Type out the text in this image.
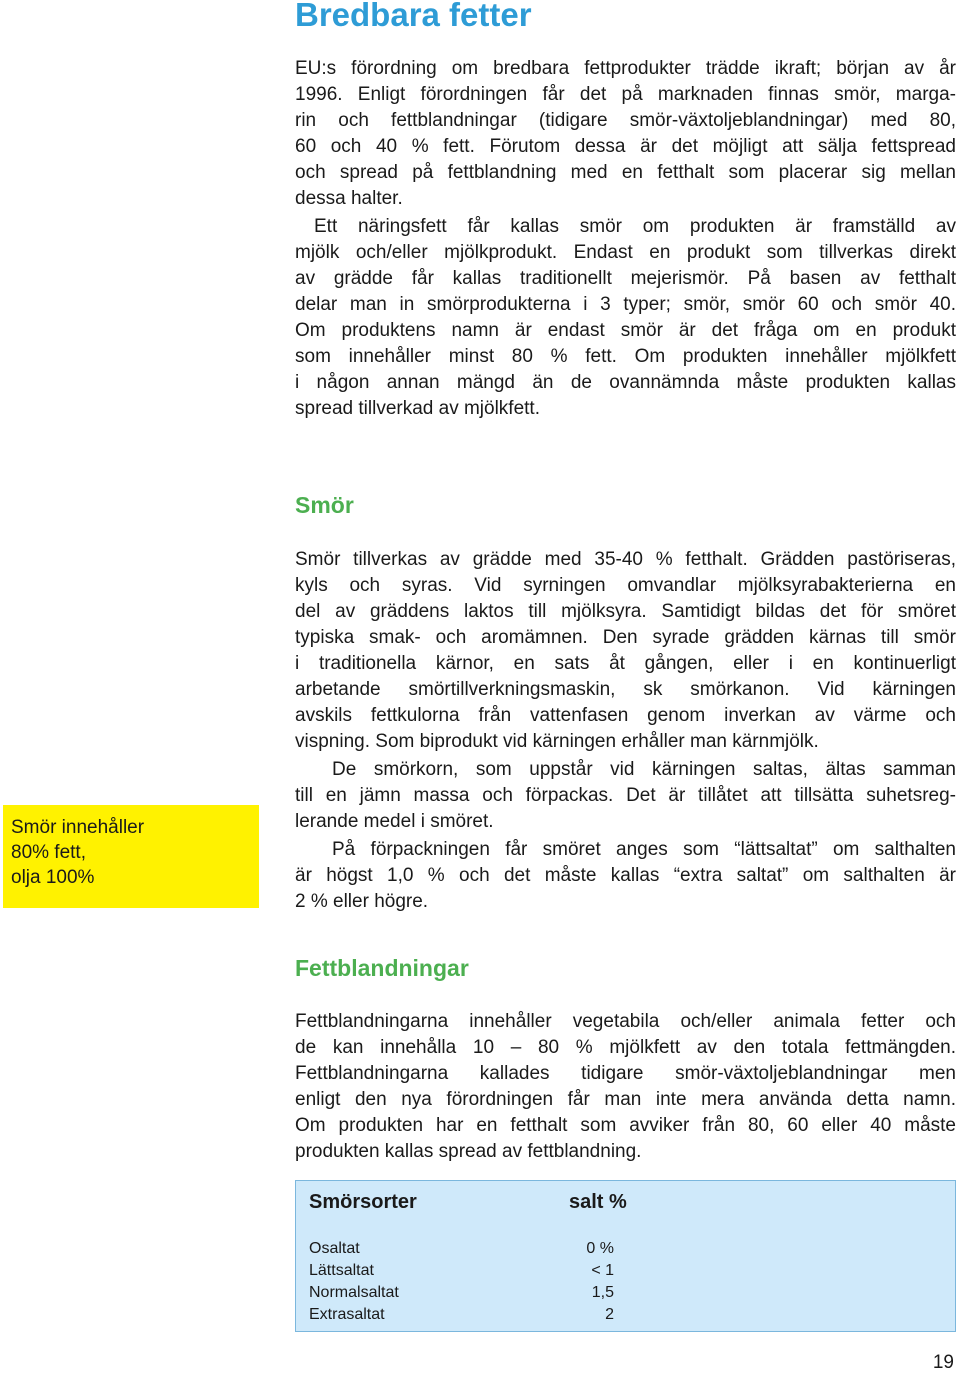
Bredbara fetter
EU:s förordning om bredbara fettprodukter trädde ikraft; början av år
1996. Enligt förordningen får det på marknaden finnas smör, marga-
rin och fettblandningar (tidigare smör-växtoljeblandningar) med 80,
60 och 40 % fett. Förutom dessa är det möjligt att sälja fettspread
och spread på fettblandning med en fetthalt som placerar sig mellan
dessa halter.
Ett näringsfett får kallas smör om produkten är framställd av
mjölk och/eller mjölkprodukt. Endast en produkt som tillverkas direkt
av grädde får kallas traditionellt mejerismör. På basen av fetthalt
delar man in smörprodukterna i 3 typer; smör, smör 60 och smör 40.
Om produktens namn är endast smör är det fråga om en produkt
som innehåller minst 80 % fett. Om produkten innehåller mjölkfett
i någon annan mängd än de ovannämnda måste produkten kallas
spread tillverkad av mjölkfett.
Smör
Smör tillverkas av grädde med 35-40 % fetthalt. Grädden pastöriseras,
kyls och syras. Vid syrningen omvandlar mjölksyrabakterierna en
del av gräddens laktos till mjölksyra. Samtidigt bildas det för smöret
typiska smak- och aromämnen. Den syrade grädden kärnas till smör
i traditionella kärnor, en sats åt gången, eller i en kontinuerligt
arbetande smörtillverkningsmaskin, sk smörkanon. Vid kärningen
avskils fettkulorna från vattenfasen genom inverkan av värme och
vispning. Som biprodukt vid kärningen erhåller man kärnmjölk.
De smörkorn, som uppstår vid kärningen saltas, ältas samman
till en jämn massa och förpackas. Det är tillåtet att tillsätta suhetsreg-
lerande medel i smöret.
På förpackningen får smöret anges som “lättsaltat” om salthalten
är högst 1,0 % och det måste kallas “extra saltat” om salthalten är
2 % eller högre.
Smör innehåller
80% fett,
olja 100%
Fettblandningar
Fettblandningarna innehåller vegetabila och/eller animala fetter och
de kan innehålla 10 – 80 % mjölkfett av den totala fettmängden.
Fettblandningarna kallades tidigare smör-växtoljeblandningar men
enligt den nya förordningen får man inte mera använda detta namn.
Om produkten har en fetthalt som avviker från 80, 60 eller 40 måste
produkten kallas spread av fettblandning.
Smörsorter	salt %
Osaltat	0 %
Lättsaltat	< 1
Normalsaltat	1,5
Extrasaltat	2
19
